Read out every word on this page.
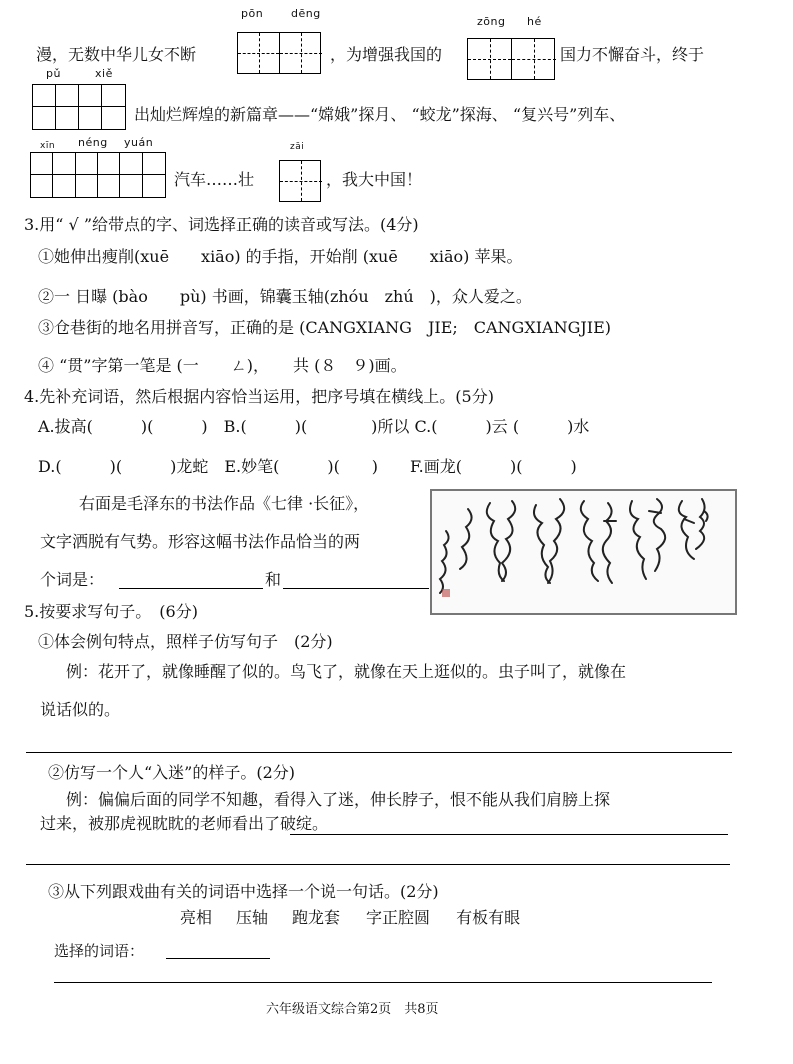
pōn	dēng
zōng hé
漫，无数中华儿女不断	，为增强我国的	国力不懈奋斗，终于
pǔ	xiě
出灿烂辉煌的新篇章——“嫦娥”探月、 “蛟龙”探海、 “复兴号”列车、
xīn néng yuán
汽车……壮
zāi
，我大中国！
3.用“ √ ”给带点的字、词选择正确的读音或写法。(4分)
①她伸出瘦削(xuē　　xiāo) 的手指，开始削 (xuē　　xiāo) 苹果。
②一 日曝 (bào　　pù) 书画，锦囊玉轴(zhóu　zhú　)，众人爱之。
③仓巷街的地名用拼音写，正确的是 (CANGXIANG　JIE;　CANGXIANGJIE)
④ “贯”字第一笔是 (一　　ㄥ)，　　共 (８　９)画。
4.先补充词语，然后根据内容恰当运用，把序号填在横线上。(5分)
A.拔高(　　　)(　　　)　B.(　　　)(　　　　)所以 C.(　　　)云 (　　　)水
D.(　　　)(　　　)龙蛇　E.妙笔(　　　)(　　)　　F.画龙(　　　)(　　　)
右面是毛泽东的书法作品《七律 ·长征》，
文字洒脱有气势。形容这幅书法作品恰当的两
个词是：	和
5.按要求写句子。　(6分)
①体会例句特点，照样子仿写句子　(2分)
例：花开了，就像睡醒了似的。鸟飞了，就像在天上逛似的。虫子叫了，就像在
说话似的。
②仿写一个人“入迷”的样子。(2分)
例：偏偏后面的同学不知趣，看得入了迷，伸长脖子，恨不能从我们肩膀上探
过来，被那虎视眈眈的老师看出了破绽。
③从下列跟戏曲有关的词语中选择一个说一句话。(2分)
亮相 压轴 跑龙套 字正腔圆 有板有眼
选择的词语：
六年级语文综合第2页　共8页
